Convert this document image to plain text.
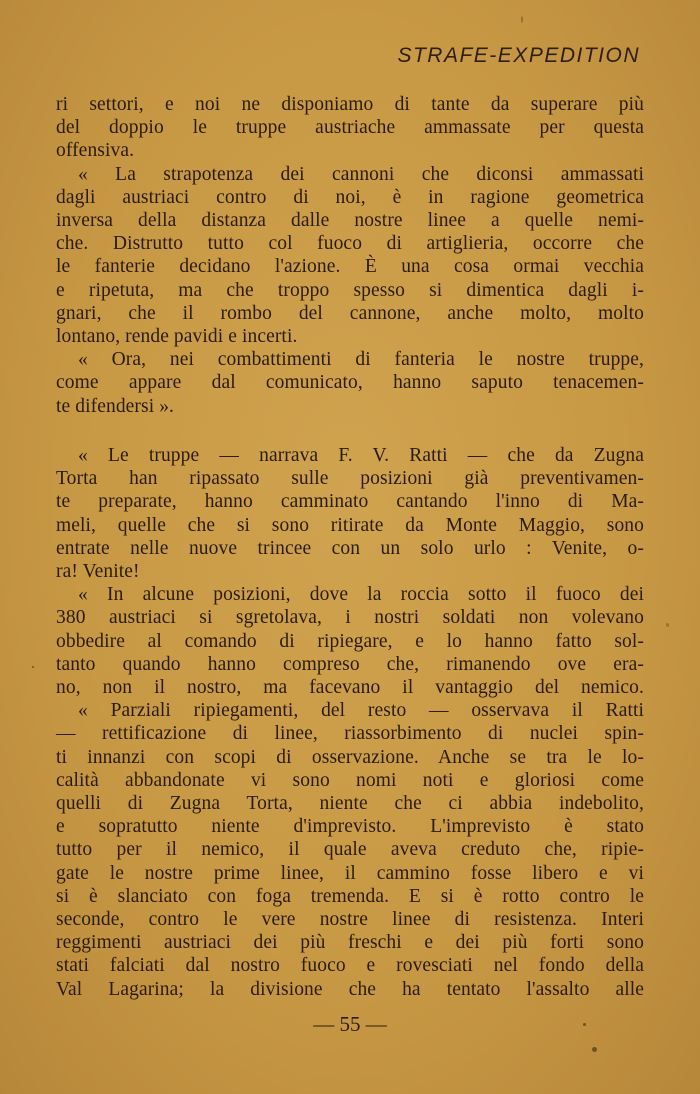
STRAFE-EXPEDITION
ri settori, e noi ne disponiamo di tante da superare più
del doppio le truppe austriache ammassate per questa
offensiva.
« La strapotenza dei cannoni che diconsi ammassati
dagli austriaci contro di noi, è in ragione geometrica
inversa della distanza dalle nostre linee a quelle nemi-
che. Distrutto tutto col fuoco di artiglieria, occorre che
le fanterie decidano l'azione. È una cosa ormai vecchia
e ripetuta, ma che troppo spesso si dimentica dagli i-
gnari, che il rombo del cannone, anche molto, molto
lontano, rende pavidi e incerti.
« Ora, nei combattimenti di fanteria le nostre truppe,
come appare dal comunicato, hanno saputo tenacemen-
te difendersi ».
« Le truppe — narrava F. V. Ratti — che da Zugna
Torta han ripassato sulle posizioni già preventivamen-
te preparate, hanno camminato cantando l'inno di Ma-
meli, quelle che si sono ritirate da Monte Maggio, sono
entrate nelle nuove trincee con un solo urlo : Venite, o-
ra! Venite!
« In alcune posizioni, dove la roccia sotto il fuoco dei
380 austriaci si sgretolava, i nostri soldati non volevano
obbedire al comando di ripiegare, e lo hanno fatto sol-
tanto quando hanno compreso che, rimanendo ove era-
no, non il nostro, ma facevano il vantaggio del nemico.
« Parziali ripiegamenti, del resto — osservava il Ratti
— rettificazione di linee, riassorbimento di nuclei spin-
ti innanzi con scopi di osservazione. Anche se tra le lo-
calità abbandonate vi sono nomi noti e gloriosi come
quelli di Zugna Torta, niente che ci abbia indebolito,
e sopratutto niente d'imprevisto. L'imprevisto è stato
tutto per il nemico, il quale aveva creduto che, ripie-
gate le nostre prime linee, il cammino fosse libero e vi
si è slanciato con foga tremenda. E si è rotto contro le
seconde, contro le vere nostre linee di resistenza. Interi
reggimenti austriaci dei più freschi e dei più forti sono
stati falciati dal nostro fuoco e rovesciati nel fondo della
Val Lagarina; la divisione che ha tentato l'assalto alle
— 55 —
